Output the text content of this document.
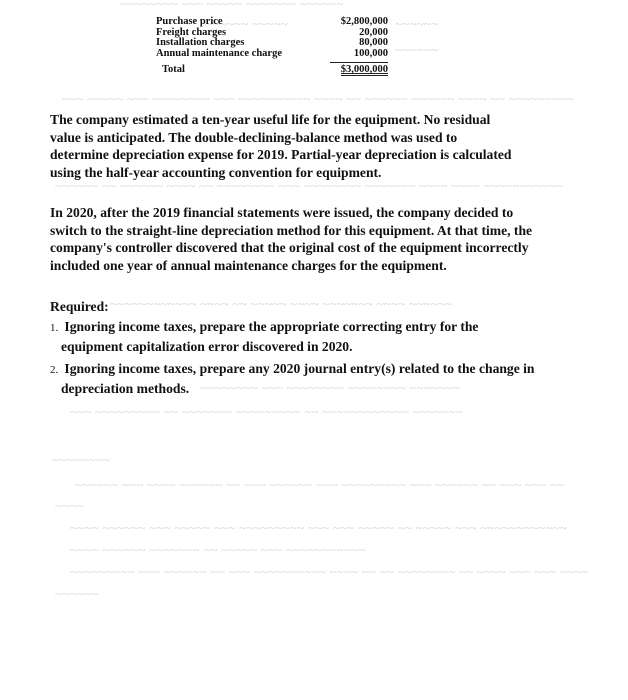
~~~~~~~~ ~~~ ~~~~~ ~~~~~~~ ~~~~~~
~~~~~~ ~~~~~	~~~~~~
~~~~~~
~~~ ~~~~~ ~~~ ~~~~~~~~ ~~~ ~~~~~~~~~~ ~~~~ ~~ ~~~~~~ ~~~~~~ ~~~~ ~~ ~~~~~~~~~
~~~~~~ ~~ ~~~~~~ ~~~~ ~~ ~~~~~~~~ ~~~ ~~~~~~~~ ~~~~~~~ ~~~~ ~~~~ ~~~~~~~~~~~
~~~~~~~~~~~~ ~~~~ ~~ ~~~~~ ~~~~ ~~~~~~~ ~~~~ ~~~~~~
~~~~~~~~ ~~~ ~~~~~~~~ ~~~~~~~~ ~~~~~~~
~~~ ~~~~~~~~~ ~~ ~~~~~~~ ~~~~~~~~~ ~~ ~~~~~~~~~~~~ ~~~~~~~
~~~~~~~~
~~~~~~ ~~~ ~~~~ ~~~~~~ ~~ ~~~ ~~~~~~ ~~~ ~~~~~~~~~ ~~~ ~~~~~~ ~~ ~~~ ~~~ ~~
~~~~
~~~~ ~~~~~~ ~~~ ~~~~~ ~~~ ~~~~~~~~~ ~~~ ~~~ ~~~~~ ~~ ~~~~~ ~~~ ~~~~~~~~~~~~
~~~~ ~~~~~~ ~~~~~~~ ~~ ~~~~~ ~~~ ~~~~~~~~~~~
~~~~~~~~~ ~~~ ~~~~~~ ~~ ~~~ ~~~~~~~~~~ ~~~~ ~~ ~~ ~~~~~~~~ ~~ ~~~~ ~~~ ~~~ ~~~~
~~~~~~
Purchase price	$2,800,000
Freight charges	20,000
Installation charges	80,000
Annual maintenance charge	100,000
Total	$3,000,000
The company estimated a ten-year useful life for the equipment. No residual
value is anticipated. The double-declining-balance method was used to
determine depreciation expense for 2019. Partial-year depreciation is calculated
using the half-year accounting convention for equipment.
In 2020, after the 2019 financial statements were issued, the company decided to
switch to the straight-line depreciation method for this equipment. At that time, the
company's controller discovered that the original cost of the equipment incorrectly
included one year of annual maintenance charges for the equipment.
Required:
1. Ignoring income taxes, prepare the appropriate correcting entry for the
equipment capitalization error discovered in 2020.
2. Ignoring income taxes, prepare any 2020 journal entry(s) related to the change in
depreciation methods.
